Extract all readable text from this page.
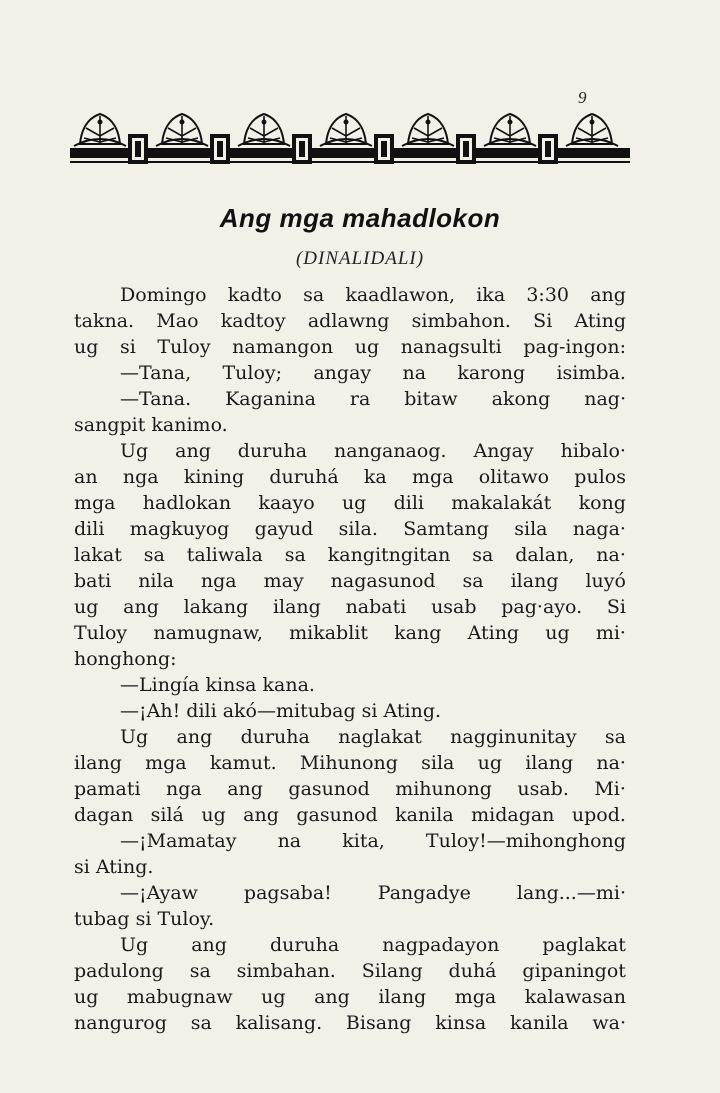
9
Ang mga mahadlokon
(DINALIDALI)
Domingo kadto sa kaadlawon, ika 3:30 ang
takna. Mao kadtoy adlawng simbahon. Si Ating
ug si Tuloy namangon ug nanagsulti pag-ingon:
—Tana, Tuloy; angay na karong isimba.
—Tana. Kaganina ra bitaw akong nag·
sangpit kanimo.
Ug ang duruha nanganaog. Angay hibalo·
an nga kining duruhá ka mga olitawo pulos
mga hadlokan kaayo ug dili makalakát kong
dili magkuyog gayud sila. Samtang sila naga·
lakat sa taliwala sa kangitngitan sa dalan, na·
bati nila nga may nagasunod sa ilang luyó
ug ang lakang ilang nabati usab pag·ayo. Si
Tuloy namugnaw, mikablit kang Ating ug mi·
honghong:
—Lingía kinsa kana.
—¡Ah! dili akó—mitubag si Ating.
Ug ang duruha naglakat nagginunitay sa
ilang mga kamut. Mihunong sila ug ilang na·
pamati nga ang gasunod mihunong usab. Mi·
dagan silá ug ang gasunod kanila midagan upod.
—¡Mamatay na kita, Tuloy!—mihonghong
si Ating.
—¡Ayaw pagsaba! Pangadye lang...—mi·
tubag si Tuloy.
Ug ang duruha nagpadayon paglakat
padulong sa simbahan. Silang duhá gipaningot
ug mabugnaw ug ang ilang mga kalawasan
nangurog sa kalisang. Bisang kinsa kanila wa·
